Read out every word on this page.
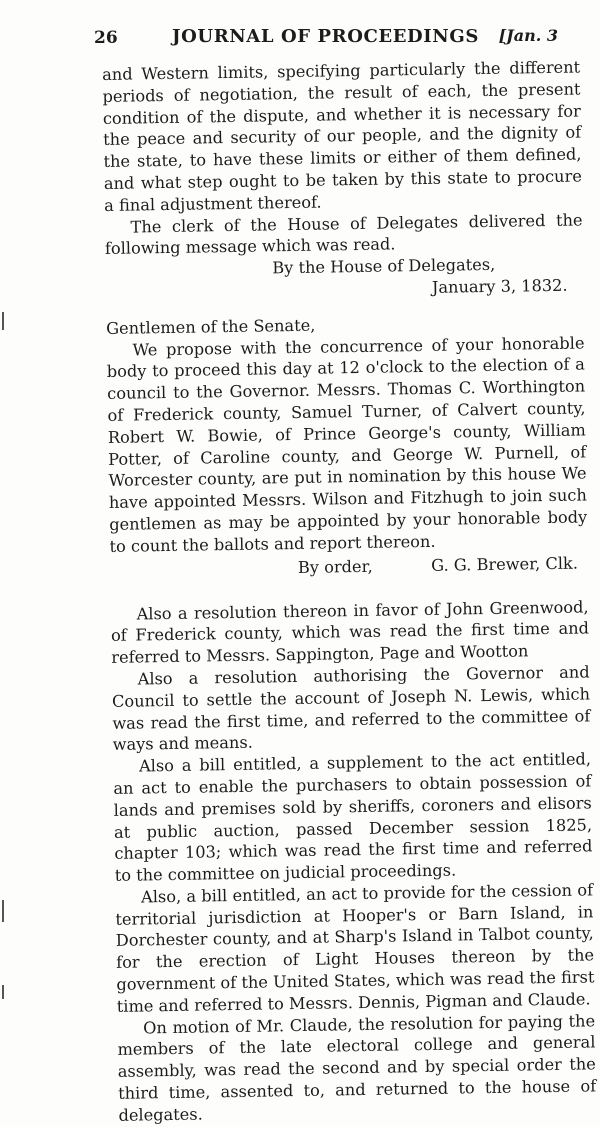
26	JOURNAL OF PROCEEDINGS [Jan. 3

and Western limits, specifying particularly the different periods of negotiation, the result of each, the present condition of the dispute, and whether it is necessary for the peace and security of our people, and the dignity of the state, to have these limits or either of them defined, and what step ought to be taken by this state to procure a final adjustment thereof.

The clerk of the House of Delegates delivered the following message which was read.

By the House of Delegates,

January 3, 1832.

Gentlemen of the Senate,

We propose with the concurrence of your honorable body to proceed this day at 12 o'clock to the election of a council to the Governor. Messrs. Thomas C. Worthington of Frederick county, Samuel Turner, of Calvert county, Robert W. Bowie, of Prince George's county, William Potter, of Caroline county, and George W. Purnell, of Worcester county, are put in nomination by this house We have appointed Messrs. Wilson and Fitzhugh to join such gentlemen as may be appointed by your honorable body to count the ballots and report thereon.

By order,	G. G. Brewer, Clk.

Also a resolution thereon in favor of John Greenwood, of Frederick county, which was read the first time and referred to Messrs. Sappington, Page and Wootton

Also a resolution authorising the Governor and Council to settle the account of Joseph N. Lewis, which was read the first time, and referred to the committee of ways and means.

Also a bill entitled, a supplement to the act entitled, an act to enable the purchasers to obtain possession of lands and premises sold by sheriffs, coroners and elisors at public auction, passed December session 1825, chapter 103; which was read the first time and referred to the committee on judicial proceedings.

Also, a bill entitled, an act to provide for the cession of territorial jurisdiction at Hooper's or Barn Island, in Dorchester county, and at Sharp's Island in Talbot county, for the erection of Light Houses thereon by the government of the United States, which was read the first time and referred to Messrs. Dennis, Pigman and Claude.

On motion of Mr. Claude, the resolution for paying the members of the late electoral college and general assembly, was read the second and by special order the third time, assented to, and returned to the house of delegates.
